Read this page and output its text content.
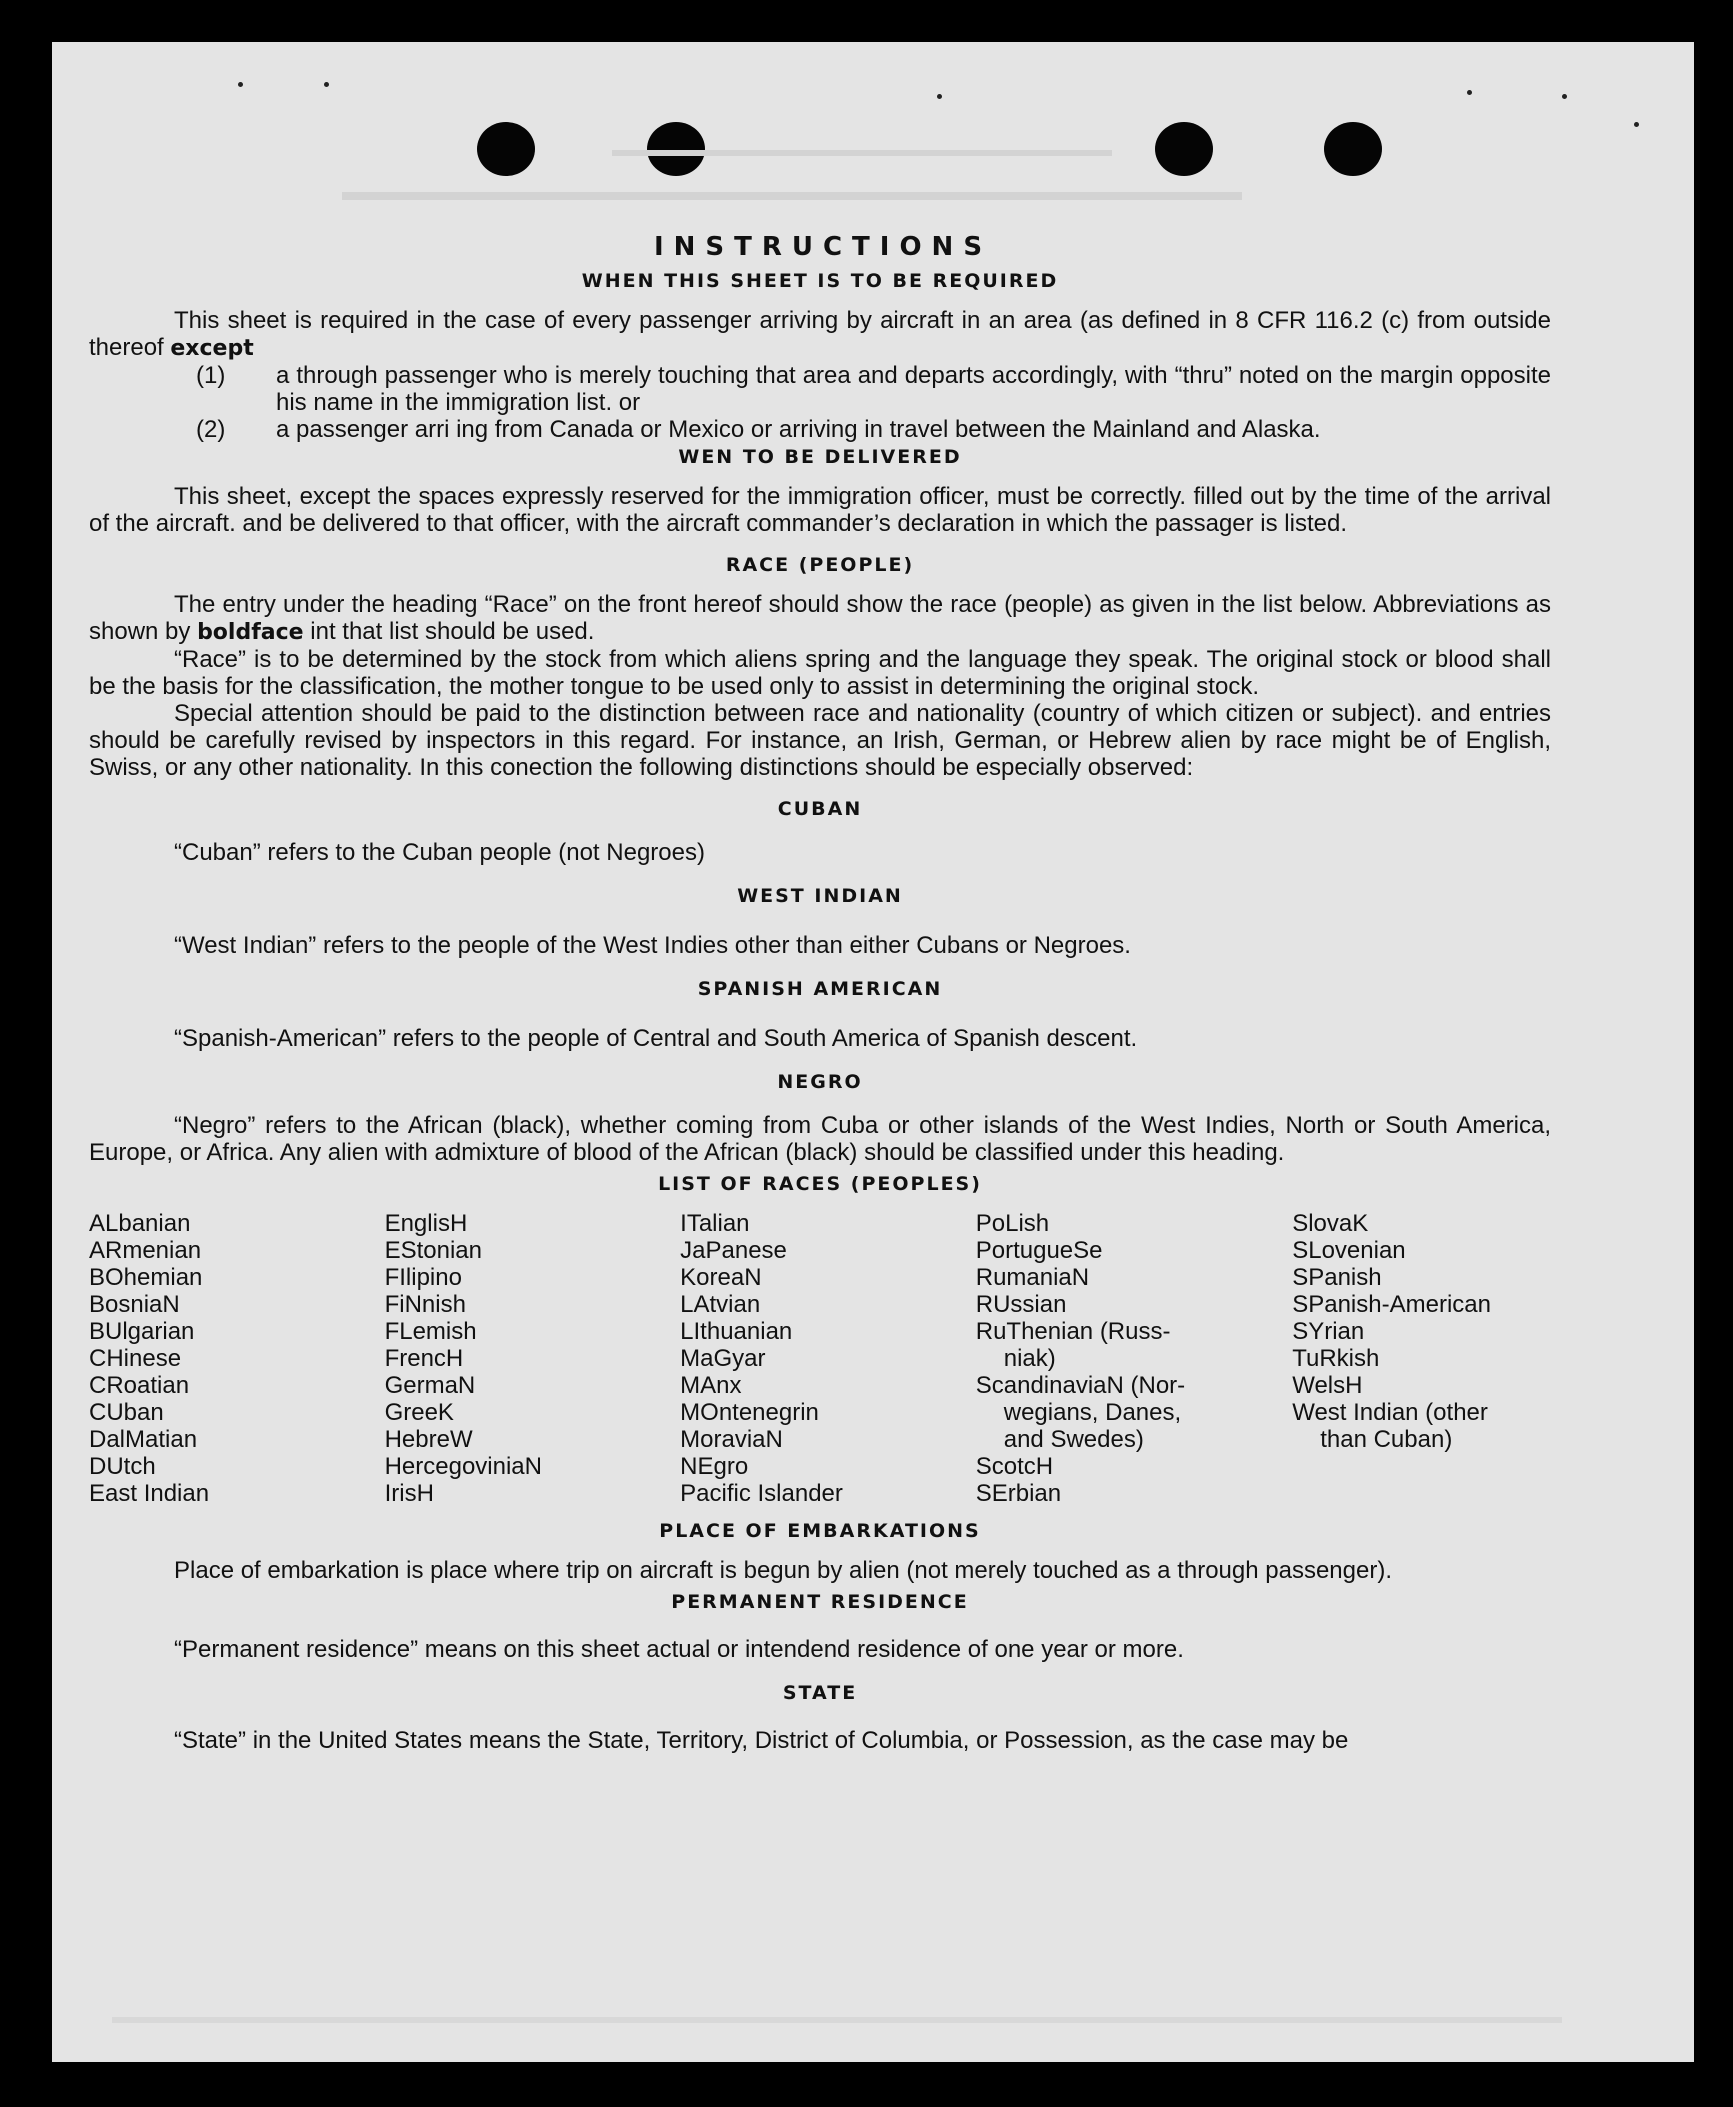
INSTRUCTIONS
WHEN THIS SHEET IS TO BE REQUIRED

This sheet is required in the case of every passenger arriving by aircraft in an area (as defined in 8 CFR 116.2 (c) from outside thereof except

(1)	a through passenger who is merely touching that area and departs accordingly, with “thru” noted on the margin opposite his name in the immigration list. or
(2)	a passenger arri ing from Canada or Mexico or arriving in travel between the Mainland and Alaska.
WEN TO BE DELIVERED

This sheet, except the spaces expressly reserved for the immigration officer, must be correctly. filled out by the time of the arrival of the aircraft. and be delivered to that officer, with the aircraft commander’s declaration in which the passager is listed.

RACE (PEOPLE)

The entry under the heading “Race” on the front hereof should show the race (people) as given in the list below. Abbreviations as shown by boldface int that list should be used.

“Race” is to be determined by the stock from which aliens spring and the language they speak. The original stock or blood shall be the basis for the classification, the mother tongue to be used only to assist in determining the original stock.

Special attention should be paid to the distinction between race and nationality (country of which citizen or subject). and entries should be carefully revised by inspectors in this regard. For instance, an Irish, German, or Hebrew alien by race might be of English, Swiss, or any other nationality. In this conection the following distinctions should be especially observed:

CUBAN

“Cuban” refers to the Cuban people (not Negroes)

WEST INDIAN

“West Indian” refers to the people of the West Indies other than either Cubans or Negroes.

SPANISH AMERICAN

“Spanish-American” refers to the people of Central and South America of Spanish descent.

NEGRO

“Negro” refers to the African (black), whether coming from Cuba or other islands of the West Indies, North or South America, Europe, or Africa. Any alien with admixture of blood of the African (black) should be classified under this heading.

LIST OF RACES (PEOPLES)
ALbanian
ARmenian
BOhemian
BosniaN
BUlgarian
CHinese
CRoatian
CUban
DalMatian
DUtch
East Indian
EnglisH
EStonian
FIlipino
FiNnish
FLemish
FrencH
GermaN
GreeK
HebreW
HercegoviniaN
IrisH
ITalian
JaPanese
KoreaN
LAtvian
LIthuanian
MaGyar
MAnx
MOntenegrin
MoraviaN
NEgro
Pacific Islander
PoLish
PortugueSe
RumaniaN
RUssian
RuThenian (Russ-
niak)
ScandinaviaN (Nor-
wegians, Danes,
and Swedes)
ScotcH
SErbian
SlovaK
SLovenian
SPanish
SPanish-American
SYrian
TuRkish
WelsH
West Indian (other
than Cuban)
PLACE OF EMBARKATIONS

Place of embarkation is place where trip on aircraft is begun by alien (not merely touched as a through passenger).

PERMANENT RESIDENCE

“Permanent residence” means on this sheet actual or intendend residence of one year or more.

STATE

“State” in the United States means the State, Territory, District of Columbia, or Possession, as the case may be
